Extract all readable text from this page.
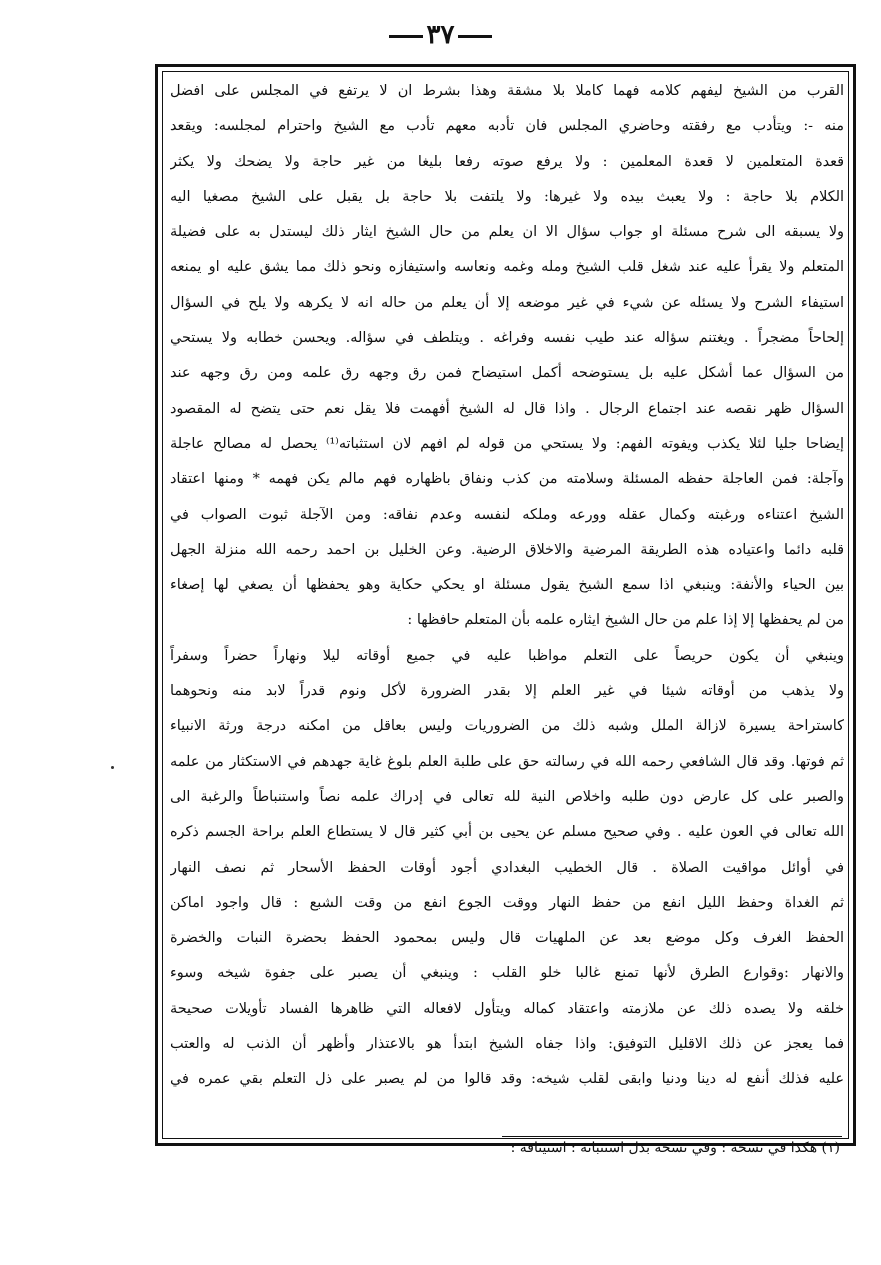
٣٧
القرب من الشيخ ليفهم كلامه فهما كاملا بلا مشقة وهذا بشرط ان لا يرتفع في المجلس على افضل
منه -: ويتأدب مع رفقته وحاضري المجلس فان تأدبه معهم تأدب مع الشيخ واحترام لمجلسه: ويقعد
قعدة المتعلمين لا قعدة المعلمين : ولا يرفع صوته رفعا بليغا من غير حاجة ولا يضحك ولا يكثر
الكلام بلا حاجة : ولا يعبث بيده ولا غيرها: ولا يلتفت بلا حاجة بل يقبل على الشيخ مصغيا اليه
ولا يسبقه الى شرح مسئلة او جواب سؤال الا ان يعلم من حال الشيخ ايثار ذلك ليستدل به على فضيلة
المتعلم ولا يقرأ عليه عند شغل قلب الشيخ ومله وغمه ونعاسه واستيفازه ونحو ذلك مما يشق عليه او يمنعه
استيفاء الشرح ولا يسئله عن شيء في غير موضعه إلا أن يعلم من حاله انه لا يكرهه ولا يلح في السؤال
إلحاحاً مضجراً . ويغتنم سؤاله عند طيب نفسه وفراغه . ويتلطف في سؤاله. ويحسن خطابه ولا يستحي
من السؤال عما أشكل عليه بل يستوضحه أكمل استيضاح فمن رق وجهه رق علمه ومن رق وجهه عند
السؤال ظهر نقصه عند اجتماع الرجال . واذا قال له الشيخ أفهمت فلا يقل نعم حتى يتضح له المقصود
إيضاحا جليا لئلا يكذب ويفوته الفهم: ولا يستحي من قوله لم افهم لان استثباته⁽¹⁾ يحصل له مصالح عاجلة
وآجلة: فمن العاجلة حفظه المسئلة وسلامته من كذب ونفاق باظهاره فهم مالم يكن فهمه * ومنها اعتقاد
الشيخ اعتناءه ورغبته وكمال عقله وورعه وملكه لنفسه وعدم نفاقه: ومن الآجلة ثبوت الصواب في
قلبه دائما واعتياده هذه الطريقة المرضية والاخلاق الرضية. وعن الخليل بن احمد رحمه الله منزلة الجهل
بين الحياء والأنفة: وينبغي اذا سمع الشيخ يقول مسئلة او يحكي حكاية وهو يحفظها أن يصغي لها إصغاء
من لم يحفظها إلا إذا علم من حال الشيخ ايثاره علمه بأن المتعلم حافظها :
وينبغي أن يكون حريصاً على التعلم مواظبا عليه في جميع أوقاته ليلا ونهاراً حضراً وسفراً
ولا يذهب من أوقاته شيئا في غير العلم إلا بقدر الضرورة لأكل ونوم قدراً لابد منه ونحوهما
كاستراحة يسيرة لازالة الملل وشبه ذلك من الضروريات وليس بعاقل من امكنه درجة ورثة الانبياء
ثم فوتها. وقد قال الشافعي رحمه الله في رسالته حق على طلبة العلم بلوغ غاية جهدهم في الاستكثار من علمه
والصبر على كل عارض دون طلبه واخلاص النية لله تعالى في إدراك علمه نصاً واستنباطاً والرغبة الى
الله تعالى في العون عليه . وفي صحيح مسلم عن يحيى بن أبي كثير قال لا يستطاع العلم براحة الجسم ذكره
في أوائل مواقيت الصلاة . قال الخطيب البغدادي أجود أوقات الحفظ الأسحار ثم نصف النهار
ثم الغداة وحفظ الليل انفع من حفظ النهار ووقت الجوع انفع من وقت الشبع : قال واجود اماكن
الحفظ الغرف وكل موضع بعد عن الملهيات قال وليس بمحمود الحفظ بحضرة النبات والخضرة
والانهار :وقوارع الطرق لأنها تمنع غالبا خلو القلب : وينبغي أن يصبر على جفوة شيخه وسوء
خلقه ولا يصده ذلك عن ملازمته واعتقاد كماله ويتأول لافعاله التي ظاهرها الفساد تأويلات صحيحة
فما يعجز عن ذلك الاقليل التوفيق: واذا جفاه الشيخ ابتدأ هو بالاعتذار وأظهر أن الذنب له والعتب
عليه فذلك أنفع له دينا ودنيا وابقى لقلب شيخه: وقد قالوا من لم يصبر على ذل التعلم بقي عمره في
(١) هكذا في نسخة : وفي نسخة بدل استثباته : استيثاقه :
